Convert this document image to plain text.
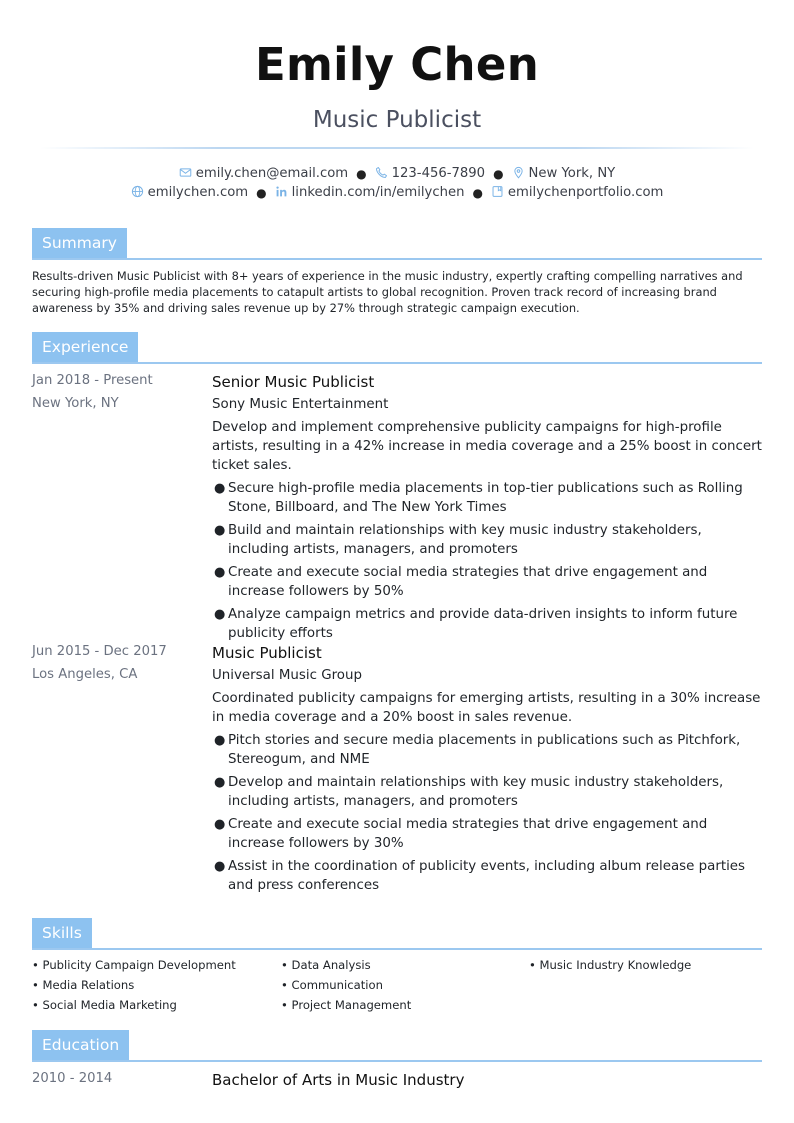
Emily Chen
Music Publicist
emily.chen@email.com ● 123-456-7890 ● New York, NY
emilychen.com ● linkedin.com/in/emilychen ● emilychenportfolio.com
Summary
Results-driven Music Publicist with 8+ years of experience in the music industry, expertly crafting compelling narratives and securing high-profile media placements to catapult artists to global recognition. Proven track record of increasing brand awareness by 35% and driving sales revenue up by 27% through strategic campaign execution.
Experience
Jan 2018 - Present
New York, NY
Senior Music Publicist
Sony Music Entertainment
Develop and implement comprehensive publicity campaigns for high-profile artists, resulting in a 42% increase in media coverage and a 25% boost in concert ticket sales.
● Secure high-profile media placements in top-tier publications such as Rolling Stone, Billboard, and The New York Times
● Build and maintain relationships with key music industry stakeholders, including artists, managers, and promoters
● Create and execute social media strategies that drive engagement and increase followers by 50%
● Analyze campaign metrics and provide data-driven insights to inform future publicity efforts
Jun 2015 - Dec 2017
Los Angeles, CA
Music Publicist
Universal Music Group
Coordinated publicity campaigns for emerging artists, resulting in a 30% increase in media coverage and a 20% boost in sales revenue.
● Pitch stories and secure media placements in publications such as Pitchfork, Stereogum, and NME
● Develop and maintain relationships with key music industry stakeholders, including artists, managers, and promoters
● Create and execute social media strategies that drive engagement and increase followers by 30%
● Assist in the coordination of publicity events, including album release parties and press conferences
Skills
• Publicity Campaign Development
• Media Relations
• Social Media Marketing
• Data Analysis
• Communication
• Project Management
• Music Industry Knowledge
Education
2010 - 2014	Bachelor of Arts in Music Industry
